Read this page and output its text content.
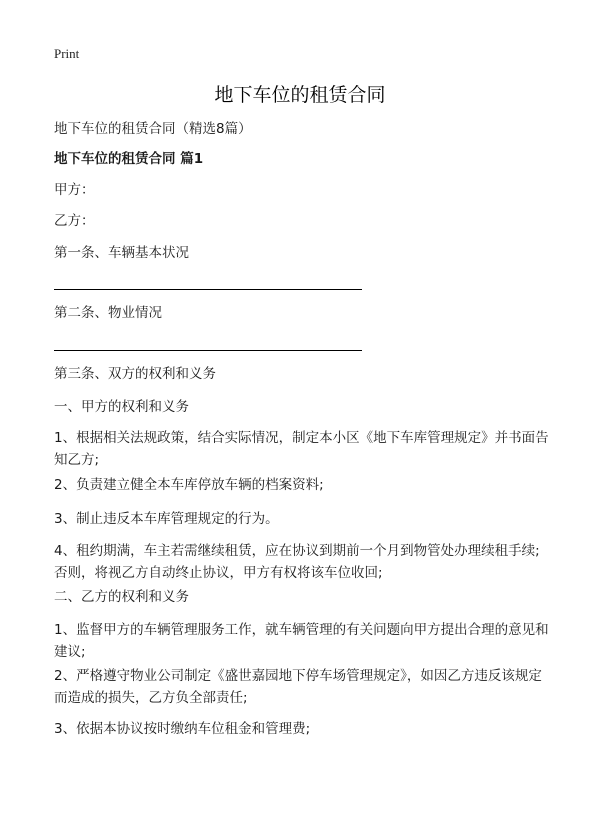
Print
地下车位的租赁合同
地下车位的租赁合同（精选8篇）
地下车位的租赁合同 篇1
甲方：
乙方：
第一条、车辆基本状况
第二条、物业情况
第三条、双方的权利和义务
一、甲方的权利和义务
1、根据相关法规政策，结合实际情况，制定本小区《地下车库管理规定》并书面告知乙方;
2、负责建立健全本车库停放车辆的档案资料;
3、制止违反本车库管理规定的行为。
4、租约期满，车主若需继续租赁，应在协议到期前一个月到物管处办理续租手续;否则，将视乙方自动终止协议，甲方有权将该车位收回;
二、乙方的权利和义务
1、监督甲方的车辆管理服务工作，就车辆管理的有关问题向甲方提出合理的意见和建议;
2、严格遵守物业公司制定《盛世嘉园地下停车场管理规定》，如因乙方违反该规定而造成的损失，乙方负全部责任;
3、依据本协议按时缴纳车位租金和管理费;
